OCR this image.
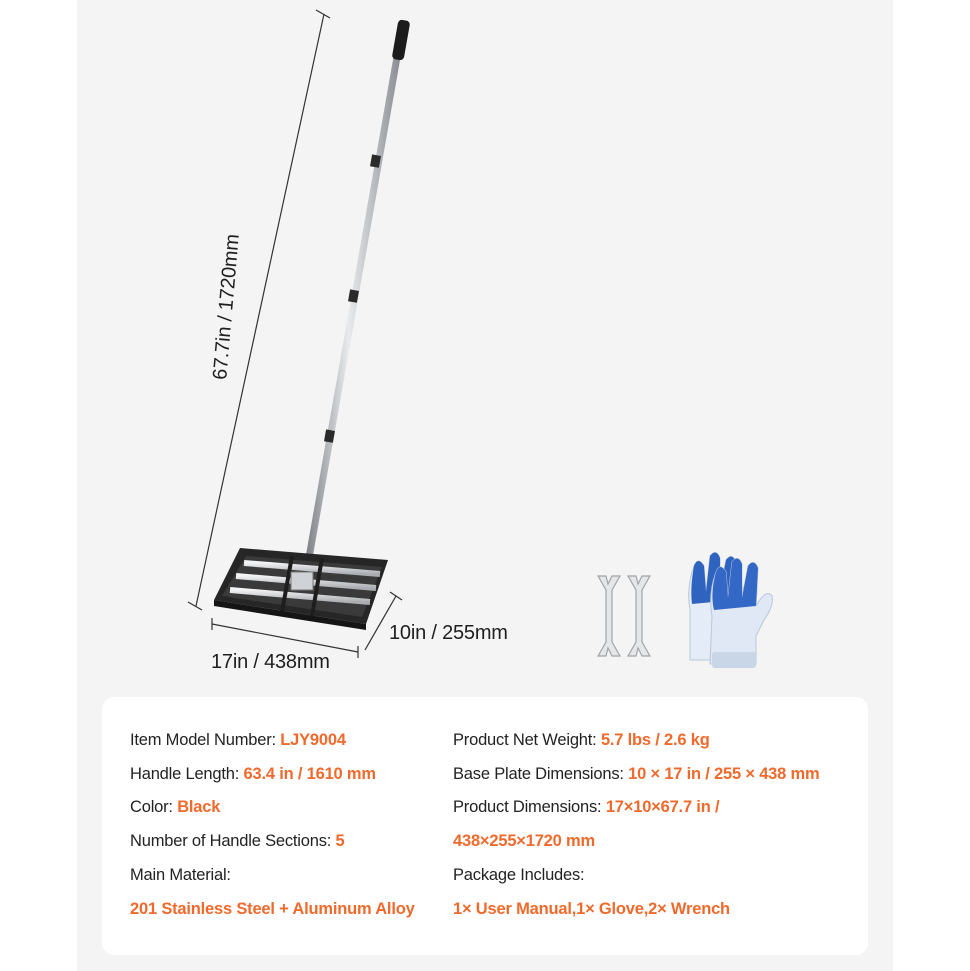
67.7in / 1720mm
10in / 255mm
17in / 438mm
Item Model Number: LJY9004
Handle Length: 63.4 in / 1610 mm
Color: Black
Number of Handle Sections: 5
Main Material:
201 Stainless Steel + Aluminum Alloy
Product Net Weight: 5.7 lbs / 2.6 kg
Base Plate Dimensions: 10 × 17 in / 255 × 438 mm
Product Dimensions: 17×10×67.7 in /
438×255×1720 mm
Package Includes:
1× User Manual,1× Glove,2× Wrench
